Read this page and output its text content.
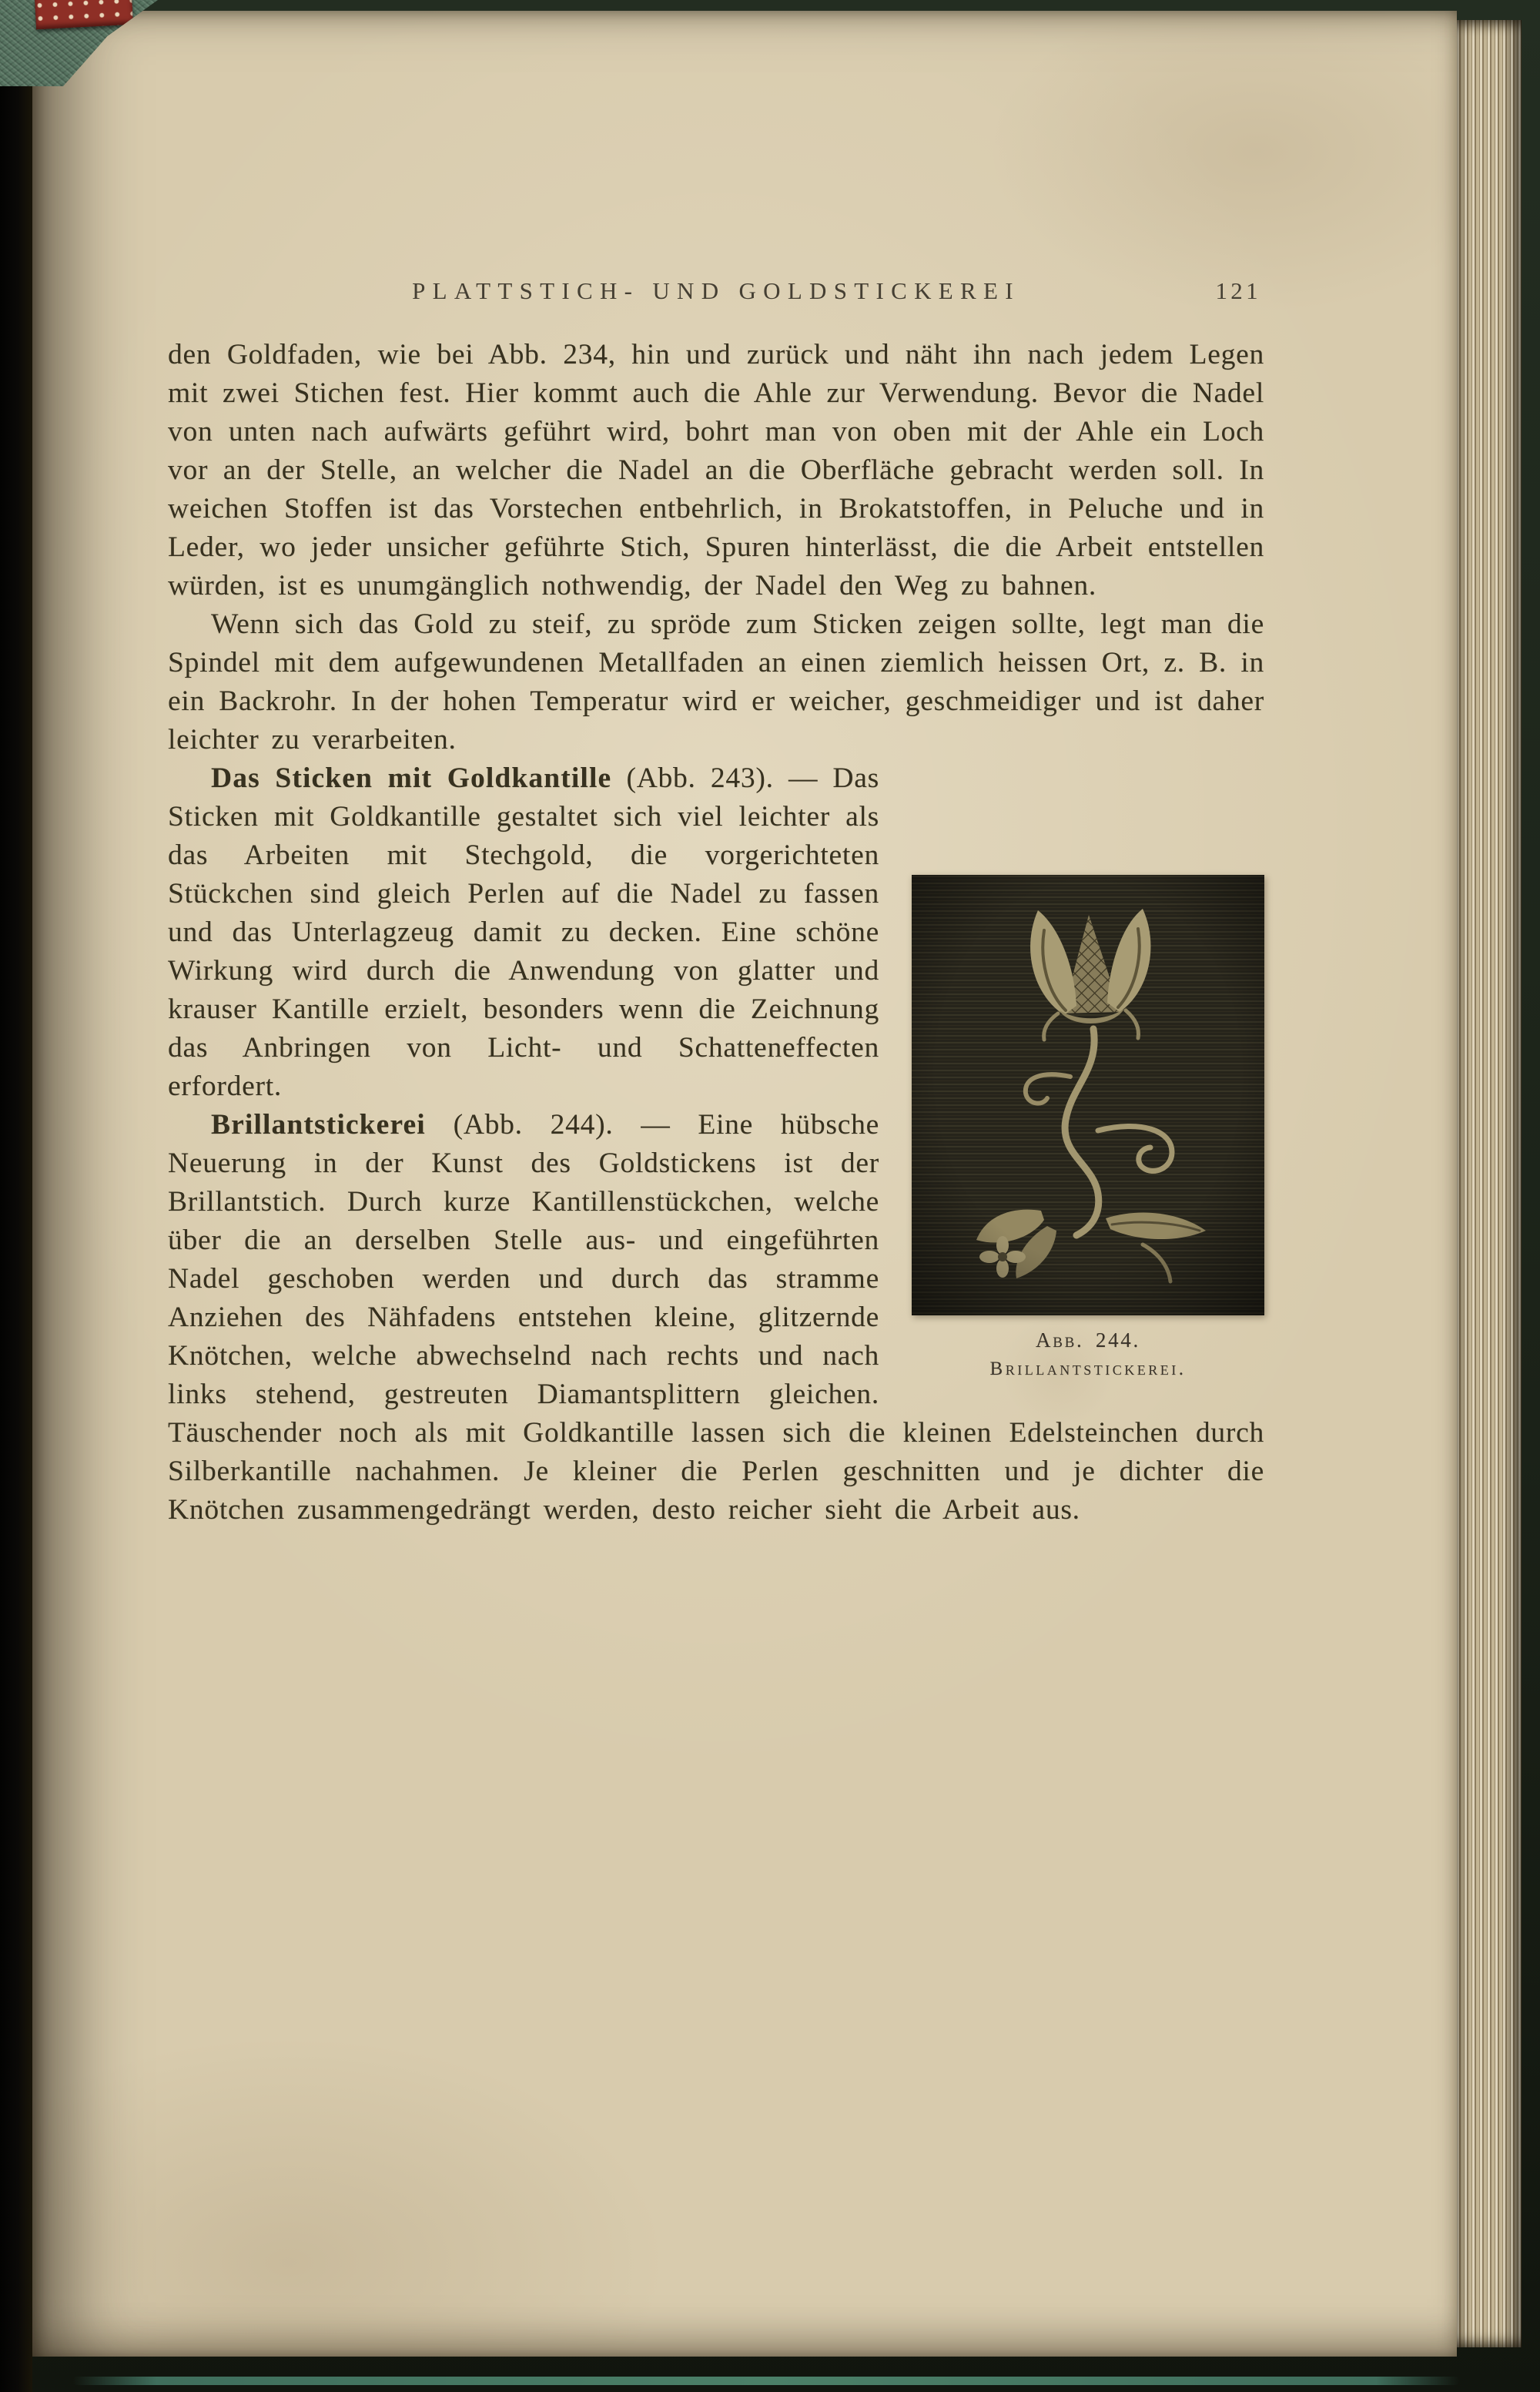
PLATTSTICH- UND GOLDSTICKEREI	121

den Goldfaden, wie bei Abb. 234, hin und zurück und näht ihn nach jedem Legen mit zwei Stichen fest. Hier kommt auch die Ahle zur Verwendung. Bevor die Nadel von unten nach aufwärts geführt wird, bohrt man von oben mit der Ahle ein Loch vor an der Stelle, an welcher die Nadel an die Oberfläche gebracht werden soll. In weichen Stoffen ist das Vorstechen entbehrlich, in Brokatstoffen, in Peluche und in Leder, wo jeder unsicher geführte Stich, Spuren hinterlässt, die die Arbeit entstellen würden, ist es unumgänglich nothwendig, der Nadel den Weg zu bahnen.

Wenn sich das Gold zu steif, zu spröde zum Sticken zeigen sollte, legt man die Spindel mit dem aufgewundenen Metallfaden an einen ziemlich heissen Ort, z. B. in ein Backrohr. In der hohen Temperatur wird er weicher, geschmeidiger und ist daher leichter zu verarbeiten.

Abb. 244.
Brillantstickerei.
Das Sticken mit Goldkantille (Abb. 243). — Das Sticken mit Goldkantille gestaltet sich viel leichter als das Arbeiten mit Stechgold, die vorgerichteten Stückchen sind gleich Perlen auf die Nadel zu fassen und das Unterlagzeug damit zu decken. Eine schöne Wirkung wird durch die Anwendung von glatter und krauser Kantille erzielt, besonders wenn die Zeichnung das Anbringen von Licht- und Schatteneffecten erfordert.

Brillantstickerei (Abb. 244). — Eine hübsche Neuerung in der Kunst des Goldstickens ist der Brillantstich. Durch kurze Kantillenstückchen, welche über die an derselben Stelle aus- und eingeführten Nadel geschoben werden und durch das stramme Anziehen des Nähfadens entstehen kleine, glitzernde Knötchen, welche abwechselnd nach rechts und nach links stehend, gestreuten Diamantsplittern gleichen. Täuschender noch als mit Goldkantille lassen sich die kleinen Edelsteinchen durch Silberkantille nachahmen. Je kleiner die Perlen geschnitten und je dichter die Knötchen zusammengedrängt werden, desto reicher sieht die Arbeit aus.
